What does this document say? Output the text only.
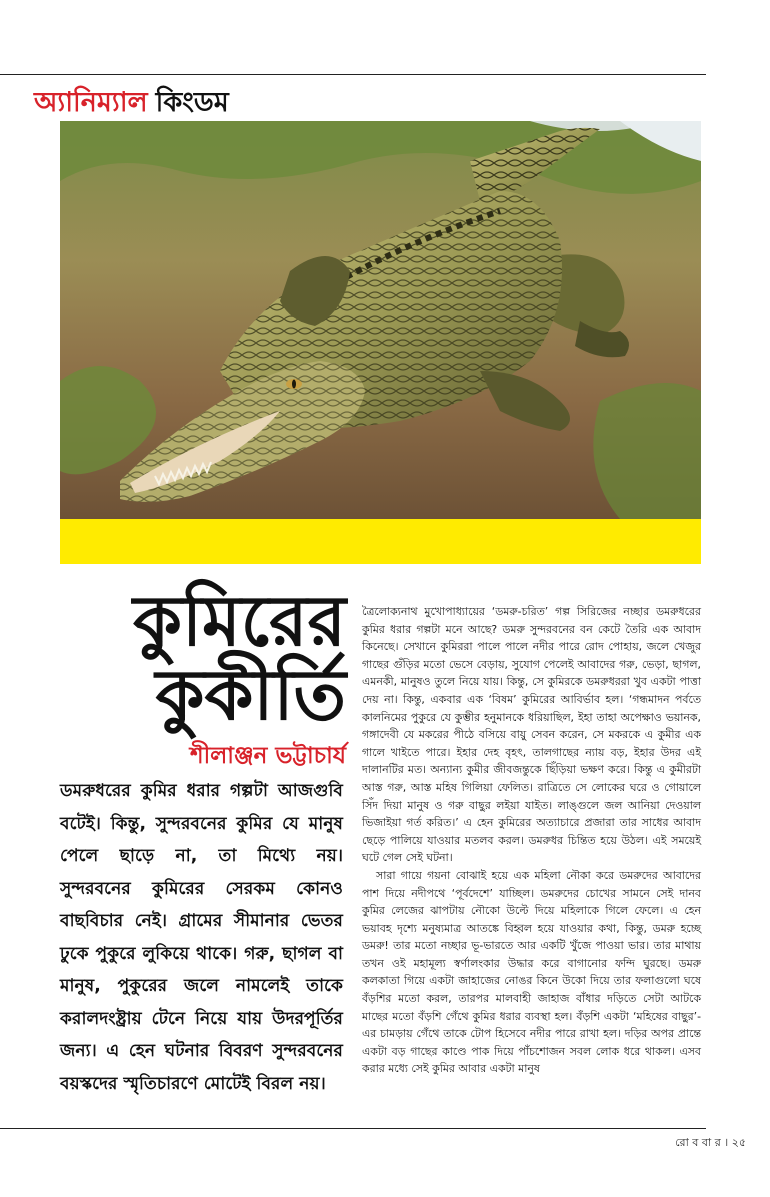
অ্যানিম্যাল কিংডম
কুমিরের
কুকীর্তি
শীলাঞ্জন ভট্টাচার্য
ডমরুধরের কুমির ধরার গল্পটা আজগুবি বটেই। কিন্তু, সুন্দরবনের কুমির যে মানুষ পেলে ছাড়ে না, তা মিথ্যে নয়। সুন্দরবনের কুমিরের সেরকম কোনও বাছবিচার নেই। গ্রামের সীমানার ভেতর ঢুকে পুকুরে লুকিয়ে থাকে। গরু, ছাগল বা মানুষ, পুকুরের জলে নামলেই তাকে করালদংষ্ট্রায় টেনে নিয়ে যায় উদরপূর্তির জন্য। এ হেন ঘটনার বিবরণ সুন্দরবনের বয়স্কদের স্মৃতিচারণে মোটেই বিরল নয়।

ত্রৈলোক্যনাথ মুখোপাধ্যায়ের ‘ডমরু-চরিত’ গল্প সিরিজের নচ্ছার ডমরুধরের কুমির ধরার গল্পটা মনে আছে? ডমরু সুন্দরবনের বন কেটে তৈরি এক আবাদ কিনেছে। সেখানে কুমিররা পালে পালে নদীর পারে রোদ পোহায়, জলে খেজুর গাছের গুঁড়ির মতো ভেসে বেড়ায়, সুযোগ পেলেই আবাদের গরু, ভেড়া, ছাগল, এমনকী, মানুষও তুলে নিয়ে যায়। কিন্তু, সে কুমিরকে ডমরুধররা খুব একটা পাত্তা দেয় না। কিন্তু, একবার এক ‘বিষম’ কুমিরের আবির্ভাব হল। ‘গন্ধমাদন পর্বতে কালনিমের পুকুরে যে কুম্ভীর হনুমানকে ধরিয়াছিল, ইহা তাহা অপেক্ষাও ভয়ানক, গঙ্গাদেবী যে মকরের পীঠে বসিয়ে বায়ু সেবন করেন, সে মকরকে এ কুমীর এক গালে খাইতে পারে। ইহার দেহ বৃহৎ, তালগাছের ন্যায় বড়, ইহার উদর এই দালানটির মত। অন্যান্য কুমীর জীবজন্তুকে ছিঁড়িয়া ভক্ষণ করে। কিন্তু এ কুমীরটা আস্ত গরু, আস্ত মহিষ গিলিয়া ফেলিত। রাত্রিতে সে লোকের ঘরে ও গোয়ালে সিঁদ দিয়া মানুষ ও গরু বাছুর লইয়া যাইত। লাঙ্গুলে জল আনিয়া দেওয়াল ভিজাইয়া গর্ত করিত।’ এ হেন কুমিরের অত্যাচারে প্রজারা তার সাধের আবাদ ছেড়ে পালিয়ে যাওয়ার মতলব করল। ডমরুধর চিন্তিত হয়ে উঠল। এই সময়েই ঘটে গেল সেই ঘটনা।

সারা গায়ে গয়না বোঝাই হয়ে এক মহিলা নৌকা করে ডমরুদের আবাদের পাশ দিয়ে নদীপথে ‘পূর্বদেশে’ যাচ্ছিল। ডমরুদের চোখের সামনে সেই দানব কুমির লেজের ঝাপটায় নৌকো উল্টে দিয়ে মহিলাকে গিলে ফেলে। এ হেন ভয়াবহ দৃশ্যে মনুষ্যমাত্র আতঙ্কে বিহ্বল হয়ে যাওয়ার কথা, কিন্তু, ডমরু হচ্ছে ডমরু! তার মতো নচ্ছার ভূ-ভারতে আর একটি খুঁজে পাওয়া ভার। তার মাথায় তখন ওই মহামূল্য স্বর্ণালংকার উদ্ধার করে বাগানোর ফন্দি ঘুরছে। ডমরু কলকাতা গিয়ে একটা জাহাজের নোঙর কিনে উকো দিয়ে তার ফলাগুলো ঘষে বঁড়শির মতো করল, তারপর মালবাহী জাহাজ বাঁধার দড়িতে সেটা আটকে মাছের মতো বঁড়শি গেঁথে কুমির ধরার ব্যবস্থা হল। বঁড়শি একটা ‘মহিষের বাছুর’-এর চামড়ায় গেঁথে তাকে টোপ হিসেবে নদীর পারে রাখা হল। দড়ির অপর প্রান্তে একটা বড় গাছের কাণ্ডে পাক দিয়ে পাঁচশোজন সবল লোক ধরে থাকল। এসব করার মধ্যে সেই কুমির আবার একটা মানুষ

রো ব বা র । ২৫
